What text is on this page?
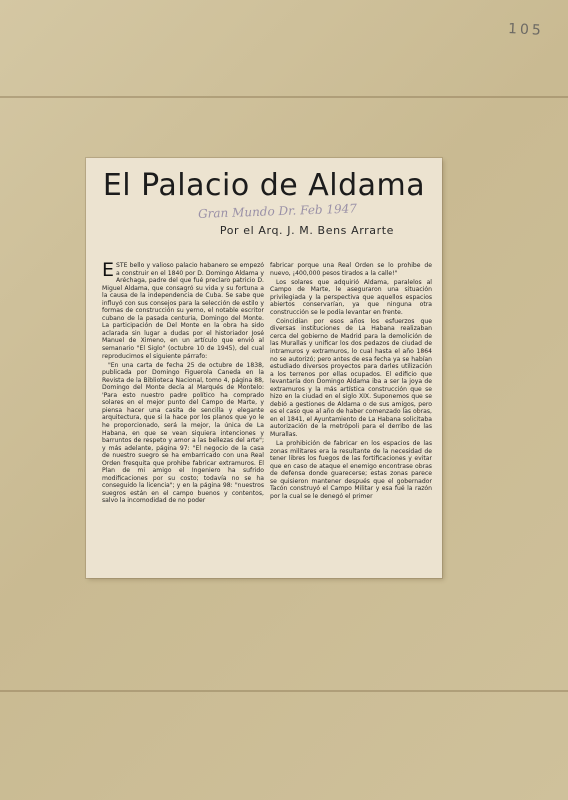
105
El Palacio de Aldama
Gran Mundo Dr. Feb 1947
Por el Arq. J. M. Bens Arrarte

ESTE bello y valioso palacio habanero se empezó a construir en el 1840 por D. Domingo Aldama y Aréchaga, padre del que fué preclaro patricio D. Miguel Aldama, que consagró su vida y su fortuna a la causa de la independencia de Cuba. Se sabe que influyó con sus consejos para la selección de estilo y formas de construcción su yerno, el notable escritor cubano de la pasada centuria, Domingo del Monte. La participación de Del Monte en la obra ha sido aclarada sin lugar a dudas por el historiador José Manuel de Ximeno, en un artículo que envió al semanario "El Siglo" (octubre 10 de 1945), del cual reproducimos el siguiente párrafo:

"En una carta de fecha 25 de octubre de 1838, publicada por Domingo Figuerola Caneda en la Revista de la Biblioteca Nacional, tomo 4, página 88, Domingo del Monte decía al Marqués de Montelo: 'Para esto nuestro padre político ha comprado solares en el mejor punto del Campo de Marte, y piensa hacer una casita de sencilla y elegante arquitectura, que si la hace por los planos que yo le he proporcionado, será la mejor, la única de La Habana, en que se vean siquiera intenciones y barruntos de respeto y amor a las bellezas del arte"; y más adelante, página 97: "El negocio de la casa de nuestro suegro se ha embarricado con una Real Orden fresquita que prohibe fabricar extramuros. El Plan de mi amigo el Ingeniero ha sufrido modificaciones por su costo; todavía no se ha conseguido la licencia"; y en la página 98: "nuestros suegros están en el campo buenos y contentos, salvo la incomodidad de no poder

fabricar porque una Real Orden se lo prohibe de nuevo, ¡400,000 pesos tirados a la calle!"

Los solares que adquirió Aldama, paralelos al Campo de Marte, le aseguraron una situación privilegiada y la perspectiva que aquellos espacios abiertos conservarían, ya que ninguna otra construcción se le podía levantar en frente.

Coincidían por esos años los esfuerzos que diversas instituciones de La Habana realizaban cerca del gobierno de Madrid para la demolición de las Murallas y unificar los dos pedazos de ciudad de intramuros y extramuros, lo cual hasta el año 1864 no se autorizó; pero antes de esa fecha ya se habían estudiado diversos proyectos para darles utilización a los terrenos por ellas ocupados. El edificio que levantaría don Domingo Aldama iba a ser la joya de extramuros y la más artística construcción que se hizo en la ciudad en el siglo XIX. Suponemos que se debió a gestiones de Aldama o de sus amigos, pero es el caso que al año de haber comenzado las obras, en el 1841, el Ayuntamiento de La Habana solicitaba autorización de la metrópoli para el derribo de las Murallas.

La prohibición de fabricar en los espacios de las zonas militares era la resultante de la necesidad de tener libres los fuegos de las fortificaciones y evitar que en caso de ataque el enemigo encontrase obras de defensa donde guarecerse; estas zonas parece se quisieron mantener después que el gobernador Tacón construyó el Campo Militar y esa fué la razón por la cual se le denegó el primer
